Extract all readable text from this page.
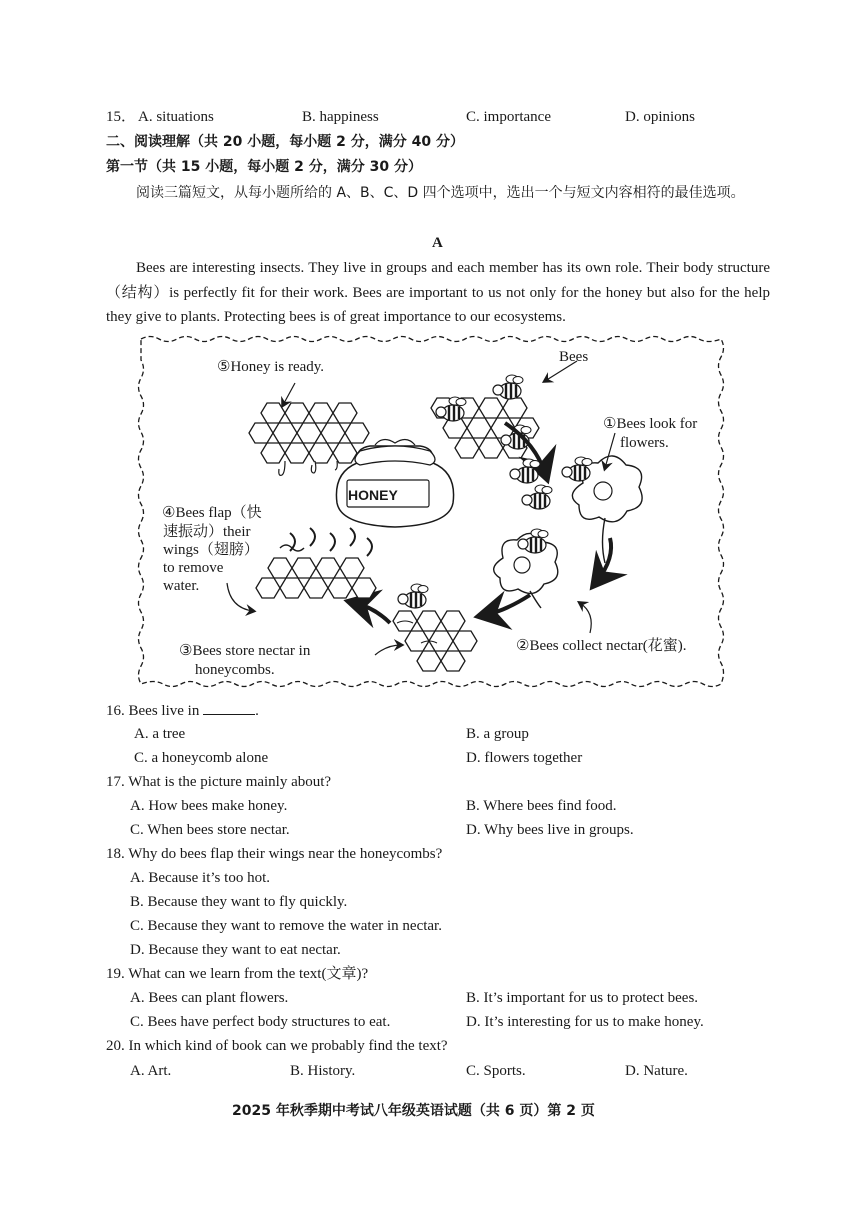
15． A. situations	B. happiness	C. importance	D. opinions
二、阅读理解（共 20 小题，每小题 2 分，满分 40 分）
第一节（共 15 小题，每小题 2 分，满分 30 分）
阅读三篇短文，从每小题所给的 A、B、C、D 四个选项中，选出一个与短文内容相符的最佳选项。
A
Bees are interesting insects. They live in groups and each member has its own role. Their body structure（结构）is perfectly fit for their work. Bees are important to us not only for the honey but also for the help they give to plants. Protecting bees is of great importance to our ecosystems.
Bees
⑤Honey is ready.
①Bees look for
flowers.
HONEY
④Bees flap（快
速振动）their
wings（翅膀）
to remove
water.
②Bees collect nectar(花蜜).
③Bees store nectar in
honeycombs.
16. Bees live in	.
A. a tree	B. a group
C. a honeycomb alone	D. flowers together
17. What is the picture mainly about?
A. How bees make honey.	B. Where bees find food.
C. When bees store nectar.	D. Why bees live in groups.
18. Why do bees flap their wings near the honeycombs?
A. Because it’s too hot.
B. Because they want to fly quickly.
C. Because they want to remove the water in nectar.
D. Because they want to eat nectar.
19. What can we learn from the text(文章)?
A. Bees can plant flowers.	B. It’s important for us to protect bees.
C. Bees have perfect body structures to eat.	D. It’s interesting for us to make honey.
20. In which kind of book can we probably find the text?
A. Art.	B. History.	C. Sports.	D. Nature.
2025 年秋季期中考试八年级英语试题（共 6 页）第 2 页
